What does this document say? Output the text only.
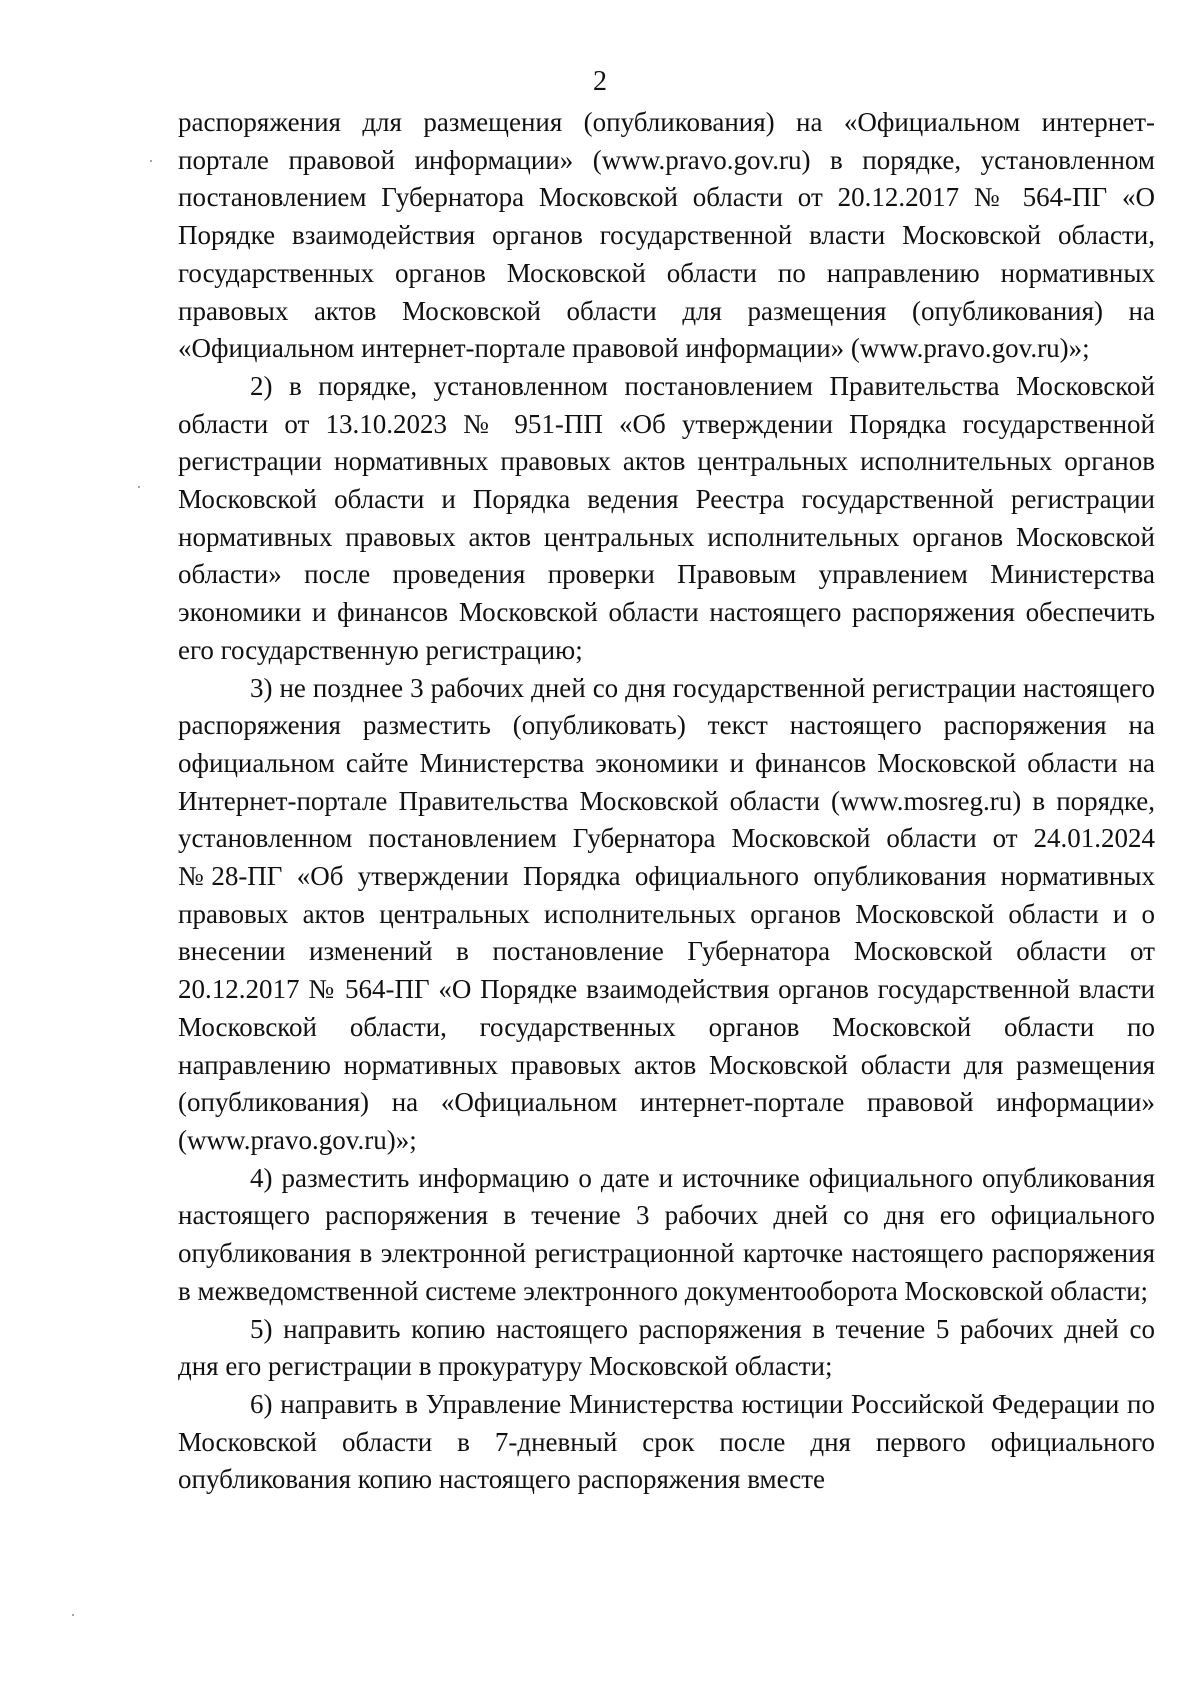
2

распоряжения для размещения (опубликования) на «Официальном интернет-портале правовой информации» (www.pravo.gov.ru) в порядке, установленном постановлением Губернатора Московской области от 20.12.2017 № 564-ПГ «О Порядке взаимодействия органов государственной власти Московской области, государственных органов Московской области по направлению нормативных правовых актов Московской области для размещения (опубликования) на «Официальном интернет-портале правовой информации» (www.pravo.gov.ru)»;

2) в порядке, установленном постановлением Правительства Московской области от 13.10.2023 № 951-ПП «Об утверждении Порядка государственной регистрации нормативных правовых актов центральных исполнительных органов Московской области и Порядка ведения Реестра государственной регистрации нормативных правовых актов центральных исполнительных органов Московской области» после проведения проверки Правовым управлением Министерства экономики и финансов Московской области настоящего распоряжения обеспечить его государственную регистрацию;

3) не позднее 3 рабочих дней со дня государственной регистрации настоящего распоряжения разместить (опубликовать) текст настоящего распоряжения на официальном сайте Министерства экономики и финансов Московской области на Интернет-портале Правительства Московской области (www.mosreg.ru) в порядке, установленном постановлением Губернатора Московской области от 24.01.2024 №28-ПГ «Об утверждении Порядка официального опубликования нормативных правовых актов центральных исполнительных органов Московской области и о внесении изменений в постановление Губернатора Московской области от 20.12.2017 № 564-ПГ «О Порядке взаимодействия органов государственной власти Московской области, государственных органов Московской области по направлению нормативных правовых актов Московской области для размещения (опубликования) на «Официальном интернет-портале правовой информации» (www.pravo.gov.ru)»;

4) разместить информацию о дате и источнике официального опубликования настоящего распоряжения в течение 3 рабочих дней со дня его официального опубликования в электронной регистрационной карточке настоящего распоряжения в межведомственной системе электронного документооборота Московской области;

5) направить копию настоящего распоряжения в течение 5 рабочих дней со дня его регистрации в прокуратуру Московской области;

6) направить в Управление Министерства юстиции Российской Федерации по Московской области в 7-дневный срок после дня первого официального опубликования копию настоящего распоряжения вместе
